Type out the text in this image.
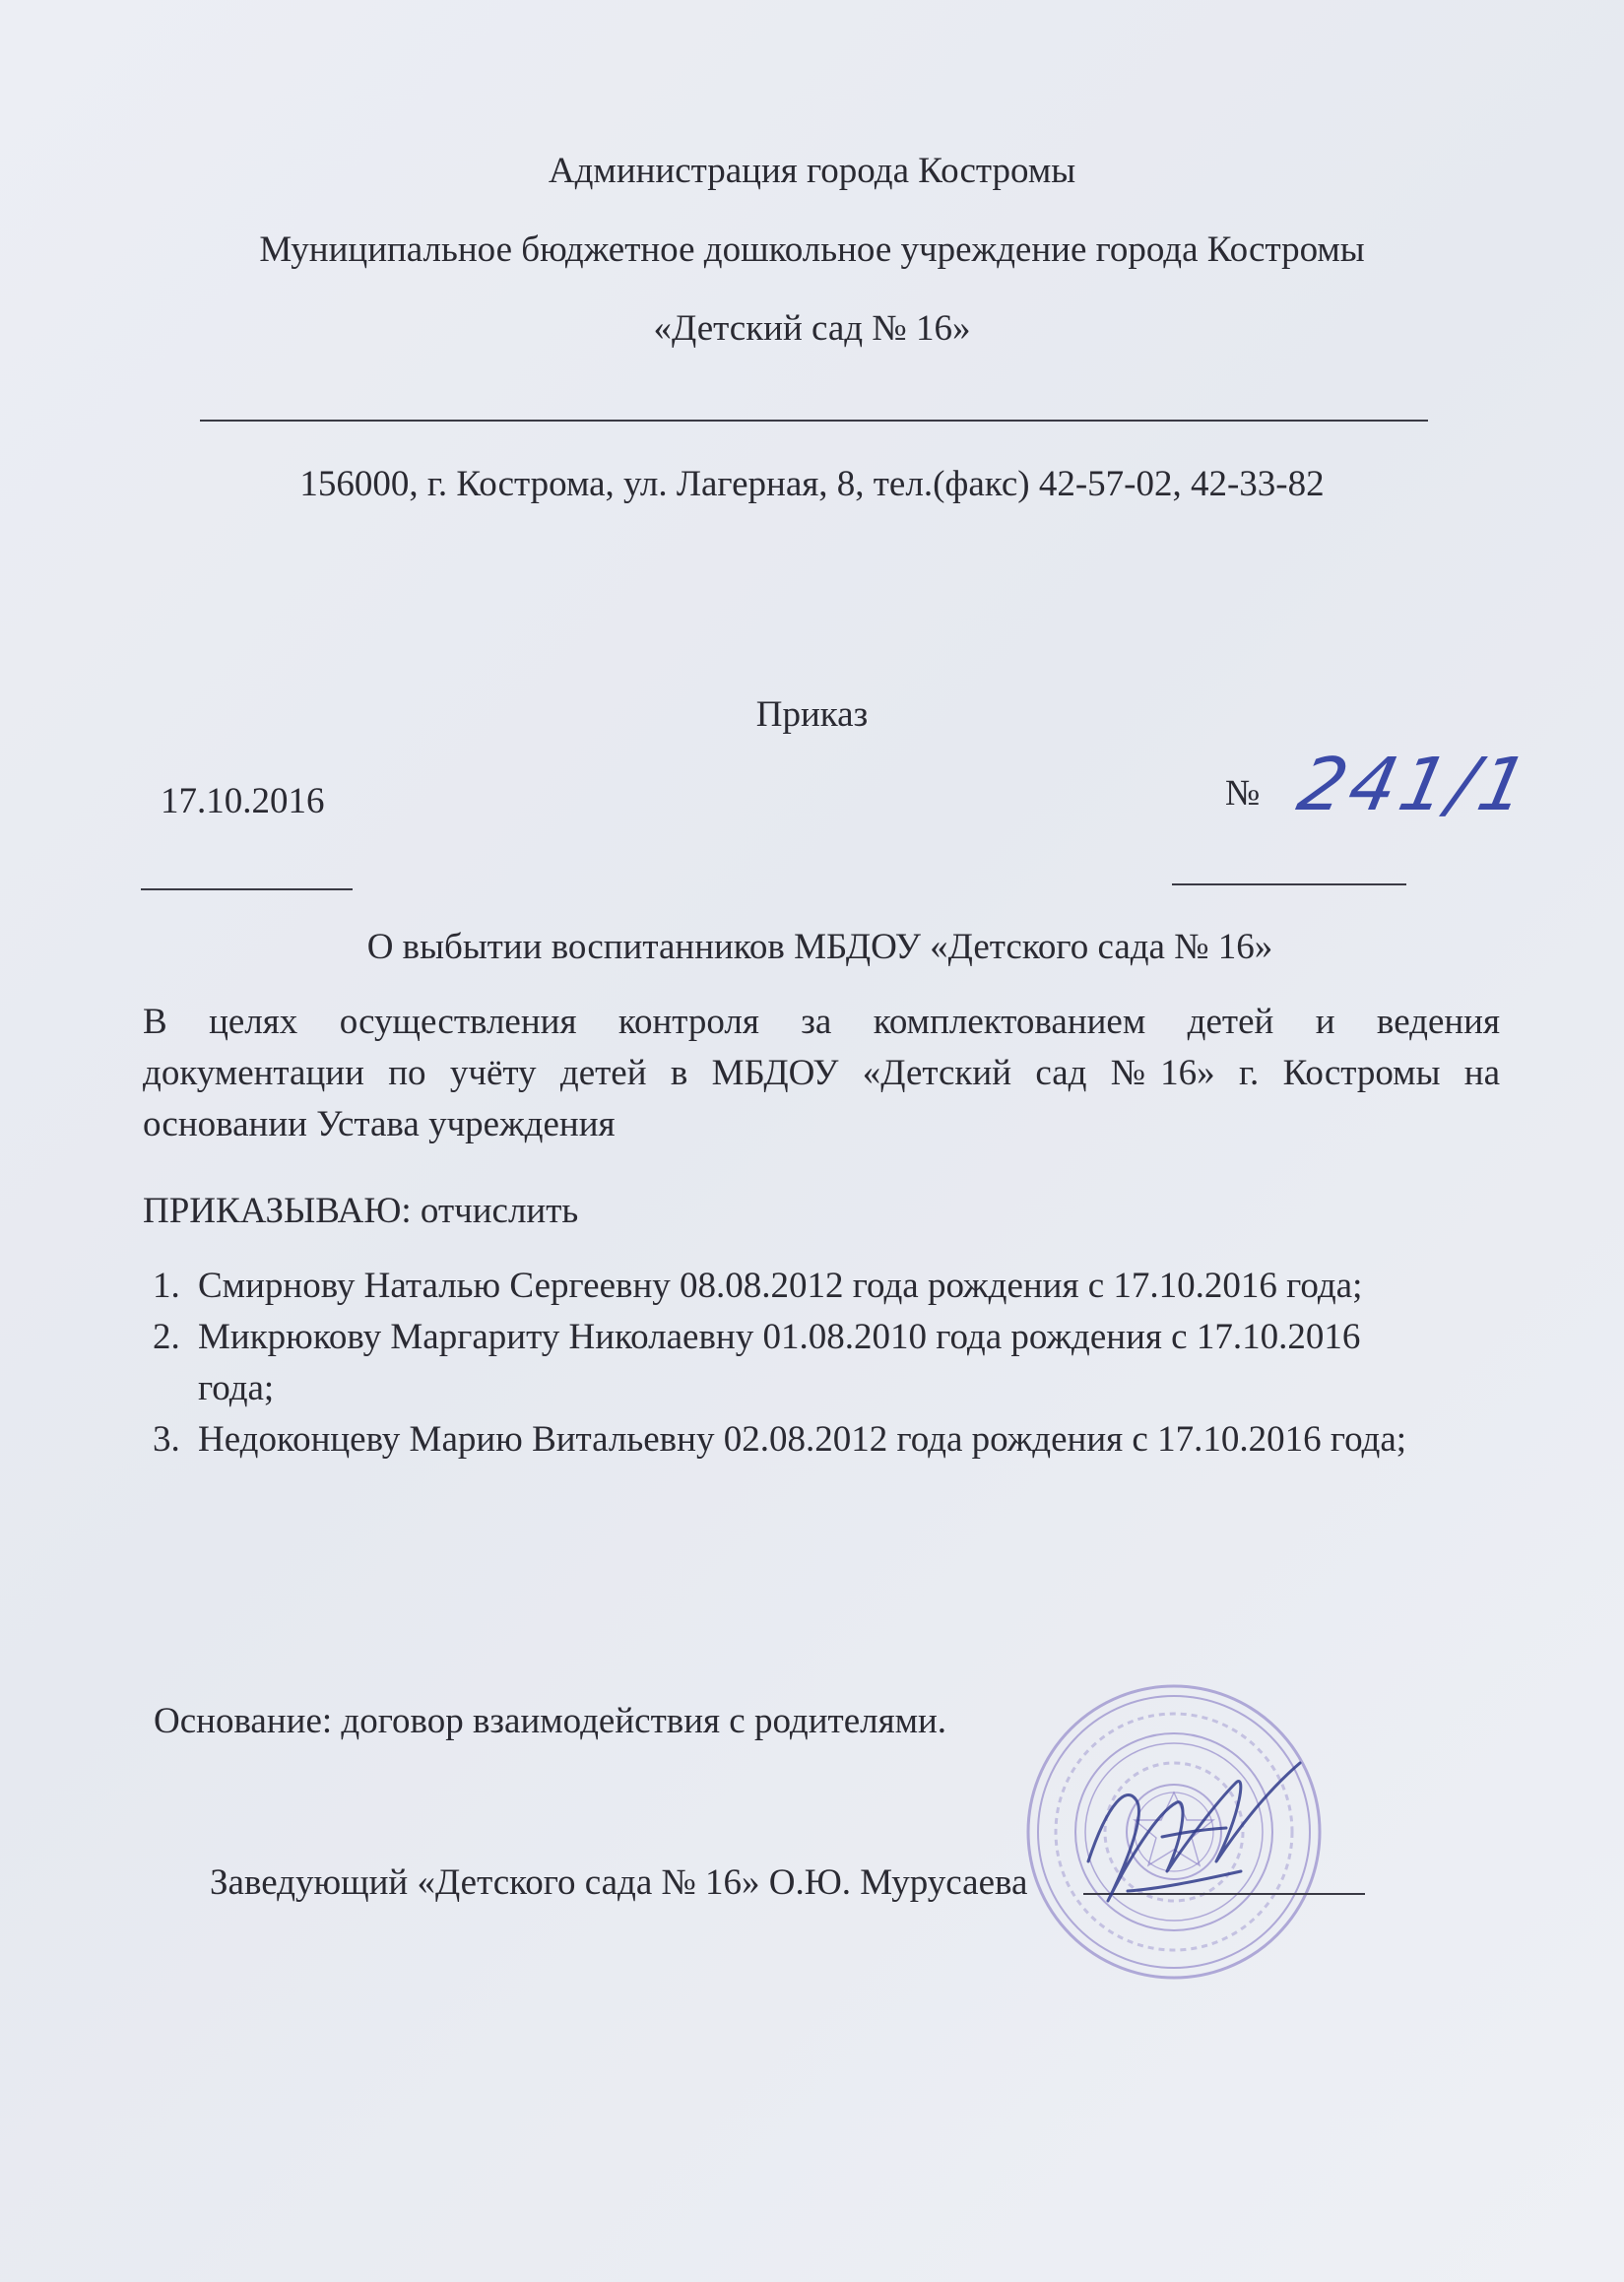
Администрация города Костромы
Муниципальное бюджетное дошкольное учреждение города Костромы
«Детский сад № 16»
156000, г. Кострома, ул. Лагерная, 8, тел.(факс) 42-57-02, 42-33-82
Приказ
17.10.2016	№ 241/1
О выбытии воспитанников МБДОУ «Детского сада № 16»
В целях осуществления контроля за комплектованием детей и ведения
документации по учёту детей в МБДОУ «Детский сад №16» г. Костромы на
основании Устава учреждения
ПРИКАЗЫВАЮ: отчислить
1. Смирнову Наталью Сергеевну 08.08.2012 года рождения с 17.10.2016 года;
2. Микрюкову Маргариту Николаевну 01.08.2010 года рождения с 17.10.2016
года;
3. Недоконцеву Марию Витальевну 02.08.2012 года рождения с 17.10.2016 года;
Основание: договор взаимодействия с родителями.
Заведующий «Детского сада № 16» О.Ю. Мурусаева
